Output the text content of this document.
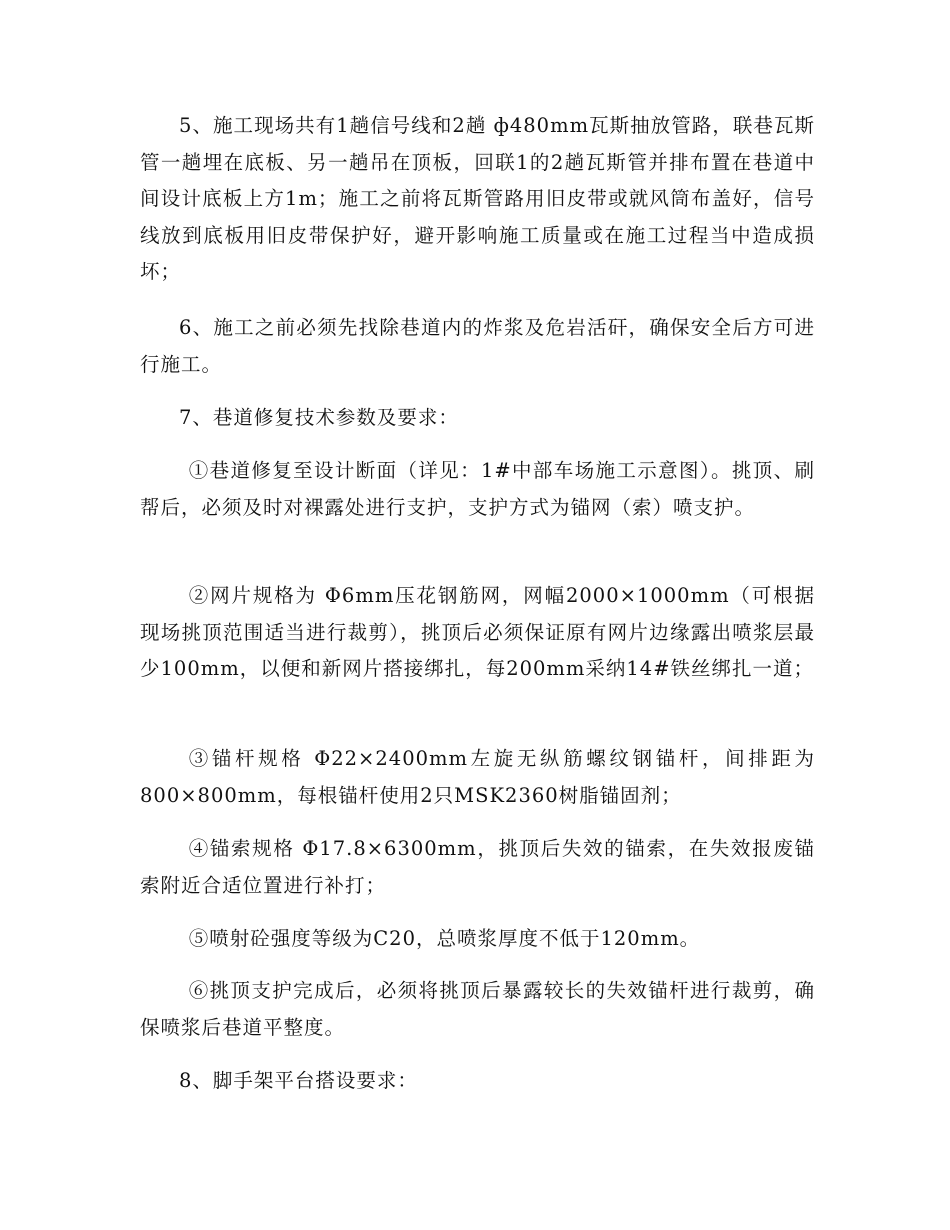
5、施工现场共有1趟信号线和2趟 ф480mm瓦斯抽放管路，联巷瓦斯管一趟埋在底板、另一趟吊在顶板，回联1的2趟瓦斯管并排布置在巷道中间设计底板上方1m；施工之前将瓦斯管路用旧皮带或就风筒布盖好，信号线放到底板用旧皮带保护好，避开影响施工质量或在施工过程当中造成损坏；

6、施工之前必须先找除巷道内的炸浆及危岩活矸，确保安全后方可进行施工。

7、巷道修复技术参数及要求：

①巷道修复至设计断面（详见：1#中部车场施工示意图）。挑顶、刷帮后，必须及时对裸露处进行支护，支护方式为锚网（索）喷支护。

②网片规格为 Φ6mm压花钢筋网，网幅2000×1000mm（可根据现场挑顶范围适当进行裁剪），挑顶后必须保证原有网片边缘露出喷浆层最少100mm，以便和新网片搭接绑扎，每200mm采纳14#铁丝绑扎一道；

③锚杆规格 Φ22×2400mm左旋无纵筋螺纹钢锚杆，间排距为800×800mm，每根锚杆使用2只MSK2360树脂锚固剂；

④锚索规格 Φ17.8×6300mm，挑顶后失效的锚索，在失效报废锚索附近合适位置进行补打；

⑤喷射砼强度等级为C20，总喷浆厚度不低于120mm。

⑥挑顶支护完成后，必须将挑顶后暴露较长的失效锚杆进行裁剪，确保喷浆后巷道平整度。

8、脚手架平台搭设要求：
